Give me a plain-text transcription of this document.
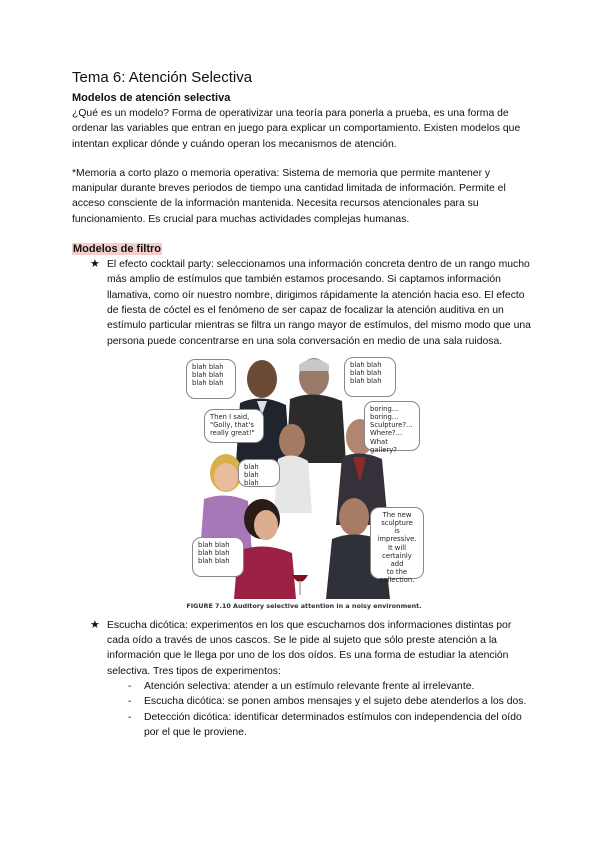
Tema 6: Atención Selectiva
Modelos de atención selectiva

¿Qué es un modelo? Forma de operativizar una teoría para ponerla a prueba, es una forma de ordenar las variables que entran en juego para explicar un comportamiento. Existen modelos que intentan explicar dónde y cuándo operan los mecanismos de atención.

*Memoria a corto plazo o memoria operativa: Sistema de memoria que permite mantener y manipular durante breves periodos de tiempo una cantidad limitada de información. Permite el acceso consciente de la información mantenida. Necesita recursos atencionales para su funcionamiento. Es crucial para muchas actividades complejas humanas.

Modelos de filtro
★ El efecto cocktail party: seleccionamos una información concreta dentro de un rango mucho más amplio de estímulos que también estamos procesando. Si captamos información llamativa, como oír nuestro nombre, dirigimos rápidamente la atención hacia eso. El efecto de fiesta de cóctel es el fenómeno de ser capaz de focalizar la atención auditiva en un estímulo particular mientras se filtra un rango mayor de estímulos, del mismo modo que una persona puede concentrarse en una sola conversación en medio de una sala ruidosa.
blah blah
blah blah
blah blah
blah blah
blah blah
blah blah
Then I said,
"Golly, that's
really great!"
boring...
boring...
Sculpture?...
Where?...
What gallery?
blah blah
blah
The new
sculpture
is impressive.
It will
certainly add
to the
collection.
blah blah
blah blah
blah blah
FIGURE 7.10 Auditory selective attention in a noisy environment.
★ Escucha dicótica: experimentos en los que escuchamos dos informaciones distintas por cada oído a través de unos cascos. Se le pide al sujeto que sólo preste atención a la información que le llega por uno de los dos oídos. Es una forma de estudiar la atención selectiva. Tres tipos de experimentos:
- Atención selectiva: atender a un estímulo relevante frente al irrelevante.
- Escucha dicótica: se ponen ambos mensajes y el sujeto debe atenderlos a los dos.
- Detección dicótica: identificar determinados estímulos con independencia del oído por el que le proviene.
